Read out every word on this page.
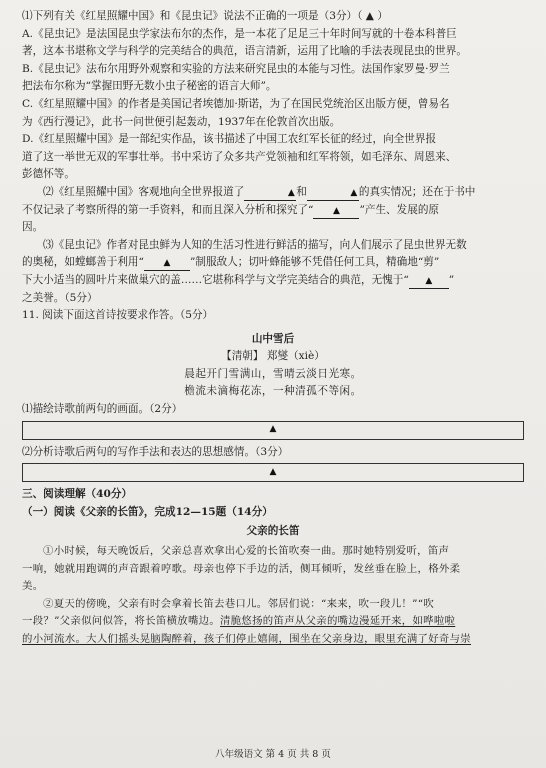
⑴下列有关《红星照耀中国》和《昆虫记》说法不正确的一项是（3分）（ ▲ ）
A.《昆虫记》是法国昆虫学家法布尔的杰作，是一本花了足足三十年时间写就的十卷本科普巨
著，这本书堪称文学与科学的完美结合的典范，语言清新，运用了比喻的手法表现昆虫的世界。
B.《昆虫记》法布尔用野外观察和实验的方法来研究昆虫的本能与习性。法国作家罗曼·罗兰
把法布尔称为“掌握田野无数小虫子秘密的语言大师”。
C.《红星照耀中国》的作者是美国记者埃德加·斯诺，为了在国民党统治区出版方便，曾易名
为《西行漫记》，此书一问世便引起轰动，1937年在伦敦首次出版。
D.《红星照耀中国》是一部纪实作品，该书描述了中国工农红军长征的经过，向全世界报
道了这一举世无双的军事壮举。书中采访了众多共产党领袖和红军将领，如毛泽东、周恩来、
彭德怀等。
⑵《红星照耀中国》客观地向全世界报道了	▲ 和	▲ 的真实情况；还在于书中
不仅记录了考察所得的第一手资料，和而且深入分析和探究了“ ▲ ”产生、发展的原
因。
⑶《昆虫记》作者对昆虫鲜为人知的生活习性进行鲜活的描写，向人们展示了昆虫世界无数
的奥秘，如螳螂善于利用“ ▲ ”制服敌人；切叶蜂能够不凭借任何工具，精确地“剪”
下大小适当的圆叶片来做巢穴的盖……它堪称科学与文学完美结合的典范，无愧于“ ▲ ”
之美誉。（5分）
11. 阅读下面这首诗按要求作答。（5分）
山中雪后
【清朝】 郑燮（xiè）
晨起开门雪满山，雪晴云淡日光寒。
檐流未滴梅花冻，一种清孤不等闲。
⑴描绘诗歌前两句的画面。（2分）
▲
⑵分析诗歌后两句的写作手法和表达的思想感情。（3分）
▲
三、阅读理解（40分）
（一）阅读《父亲的长笛》，完成12—15题（14分）
父亲的长笛
①小时候，每天晚饭后，父亲总喜欢拿出心爱的长笛吹奏一曲。那时她特别爱听，笛声
一响，她就用跑调的声音跟着哼歌。母亲也停下手边的活，侧耳倾听，发丝垂在脸上，格外柔
美。
②夏天的傍晚，父亲有时会拿着长笛去巷口儿。邻居们说：“来来，吹一段儿！”“吹
一段？”父亲似问似答，将长笛横放嘴边。清脆悠扬的笛声从父亲的嘴边漫延开来，如哗啦啦
的小河流水。大人们摇头晃脑陶醉着，孩子们停止嬉闹，围坐在父亲身边，眼里充满了好奇与崇
八年级语文 第 4 页 共 8 页
